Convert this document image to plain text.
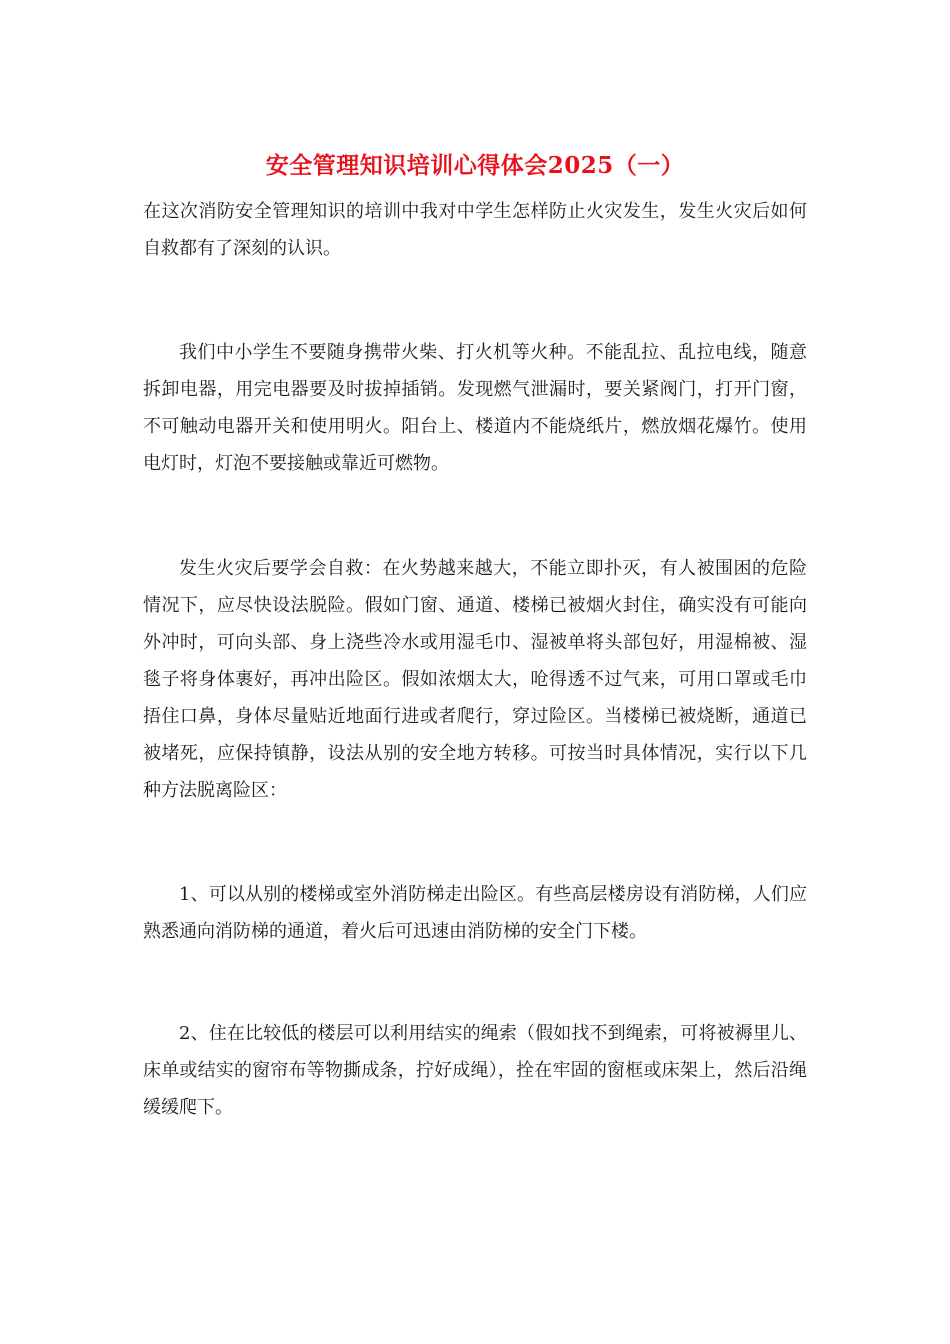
安全管理知识培训心得体会2025（一）

在这次消防安全管理知识的培训中我对中学生怎样防止火灾发生，发生火灾后如何自救都有了深刻的认识。

我们中小学生不要随身携带火柴、打火机等火种。不能乱拉、乱拉电线，随意拆卸电器，用完电器要及时拔掉插销。发现燃气泄漏时，要关紧阀门，打开门窗，不可触动电器开关和使用明火。阳台上、楼道内不能烧纸片，燃放烟花爆竹。使用电灯时，灯泡不要接触或靠近可燃物。

发生火灾后要学会自救：在火势越来越大，不能立即扑灭，有人被围困的危险情况下，应尽快设法脱险。假如门窗、通道、楼梯已被烟火封住，确实没有可能向外冲时，可向头部、身上浇些冷水或用湿毛巾、湿被单将头部包好，用湿棉被、湿毯子将身体裹好，再冲出险区。假如浓烟太大，呛得透不过气来，可用口罩或毛巾捂住口鼻，身体尽量贴近地面行进或者爬行，穿过险区。当楼梯已被烧断，通道已被堵死，应保持镇静，设法从别的安全地方转移。可按当时具体情况，实行以下几种方法脱离险区：

1、可以从别的楼梯或室外消防梯走出险区。有些高层楼房设有消防梯，人们应熟悉通向消防梯的通道，着火后可迅速由消防梯的安全门下楼。

2、住在比较低的楼层可以利用结实的绳索（假如找不到绳索，可将被褥里儿、床单或结实的窗帘布等物撕成条，拧好成绳），拴在牢固的窗框或床架上，然后沿绳缓缓爬下。
